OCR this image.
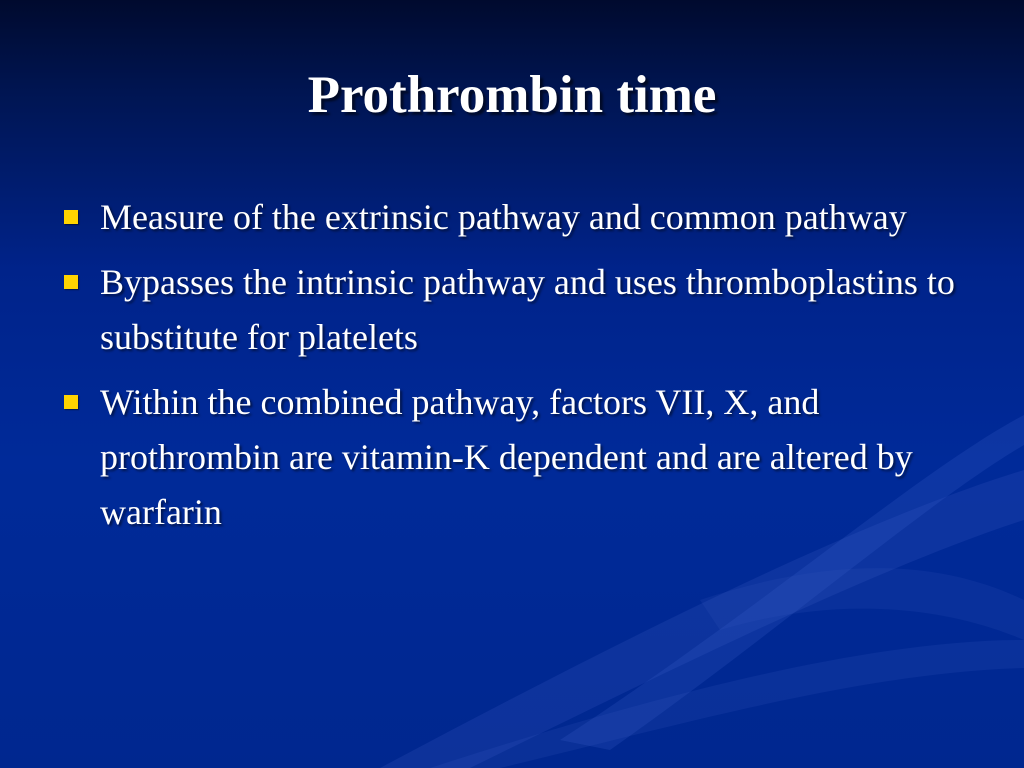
Prothrombin time
Measure of the extrinsic pathway and common pathway
Bypasses the intrinsic pathway and uses thromboplastins to substitute for platelets
Within the combined pathway, factors VII, X, and prothrombin are vitamin-K dependent and are altered by warfarin
